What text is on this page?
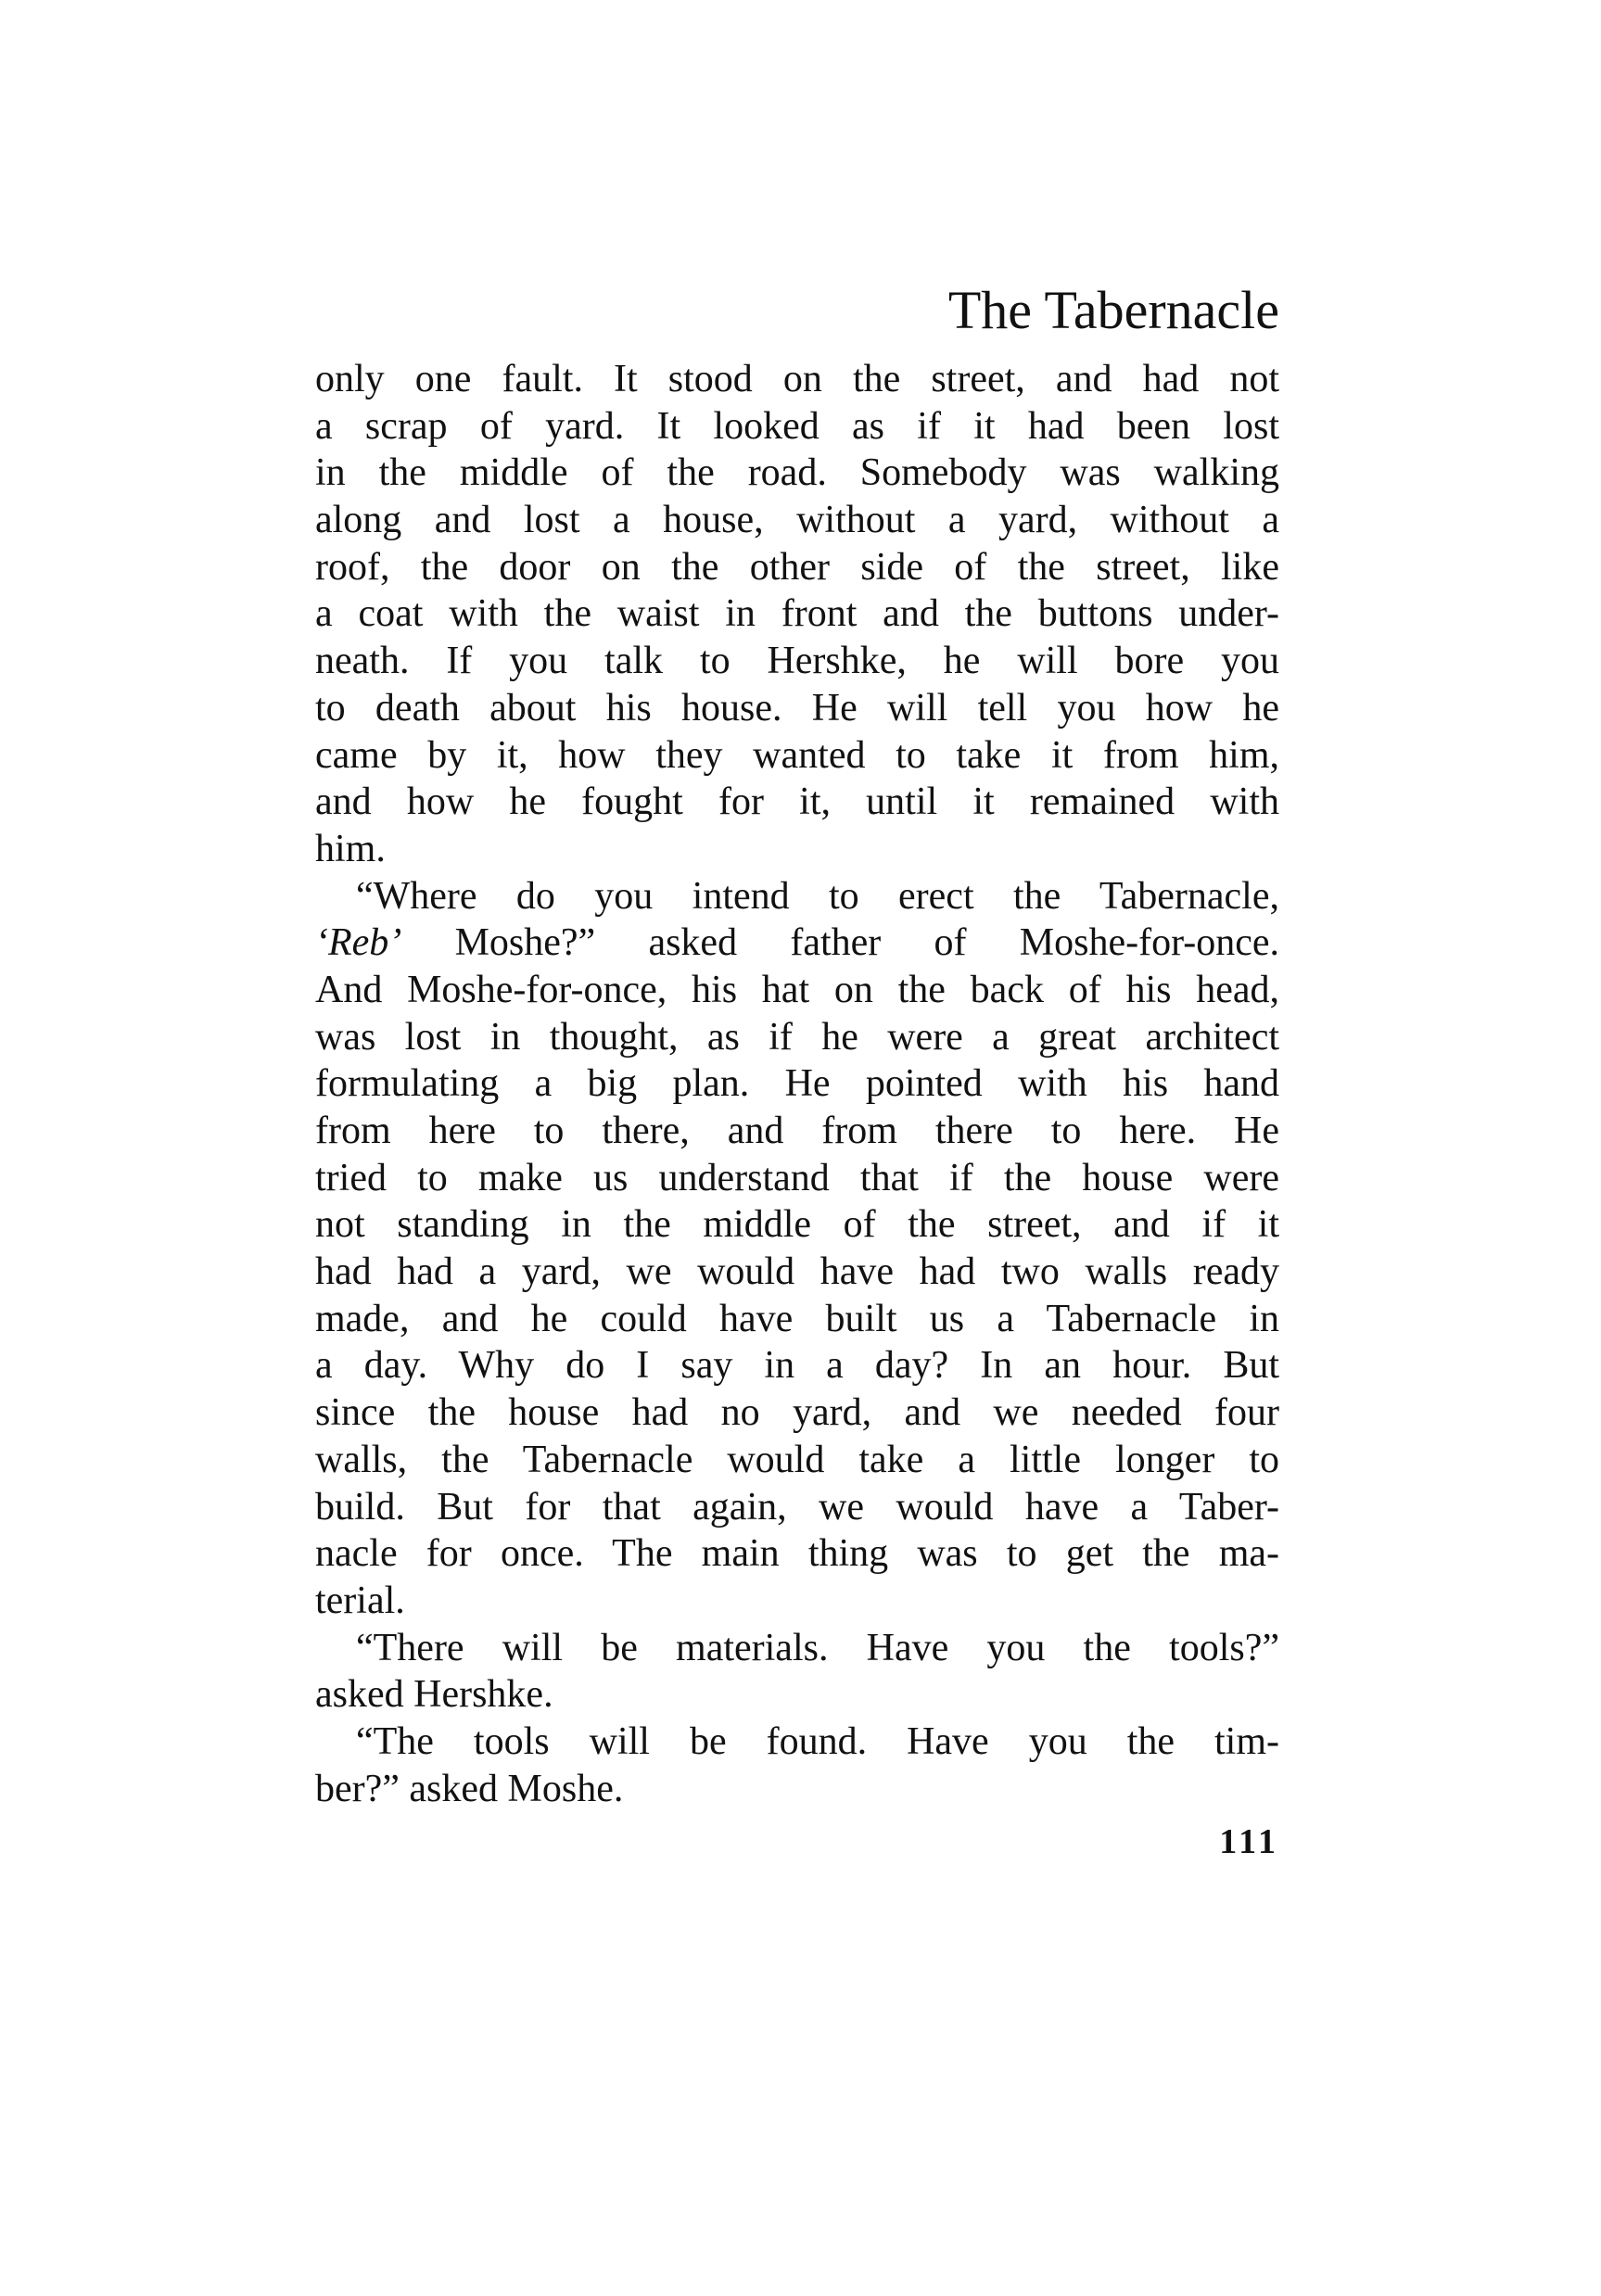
The Tabernacle
only one fault. It stood on the street, and had not
a scrap of yard. It looked as if it had been lost
in the middle of the road. Somebody was walking
along and lost a house, without a yard, without a
roof, the door on the other side of the street, like
a coat with the waist in front and the buttons under-
neath. If you talk to Hershke, he will bore you
to death about his house. He will tell you how he
came by it, how they wanted to take it from him,
and how he fought for it, until it remained with
him.
“Where do you intend to erect the Tabernacle,
‘Reb’ Moshe?” asked father of Moshe-for-once.
And Moshe-for-once, his hat on the back of his head,
was lost in thought, as if he were a great architect
formulating a big plan. He pointed with his hand
from here to there, and from there to here. He
tried to make us understand that if the house were
not standing in the middle of the street, and if it
had had a yard, we would have had two walls ready
made, and he could have built us a Tabernacle in
a day. Why do I say in a day? In an hour. But
since the house had no yard, and we needed four
walls, the Tabernacle would take a little longer to
build. But for that again, we would have a Taber-
nacle for once. The main thing was to get the ma-
terial.
“There will be materials. Have you the tools?”
asked Hershke.
“The tools will be found. Have you the tim-
ber?” asked Moshe.
111
